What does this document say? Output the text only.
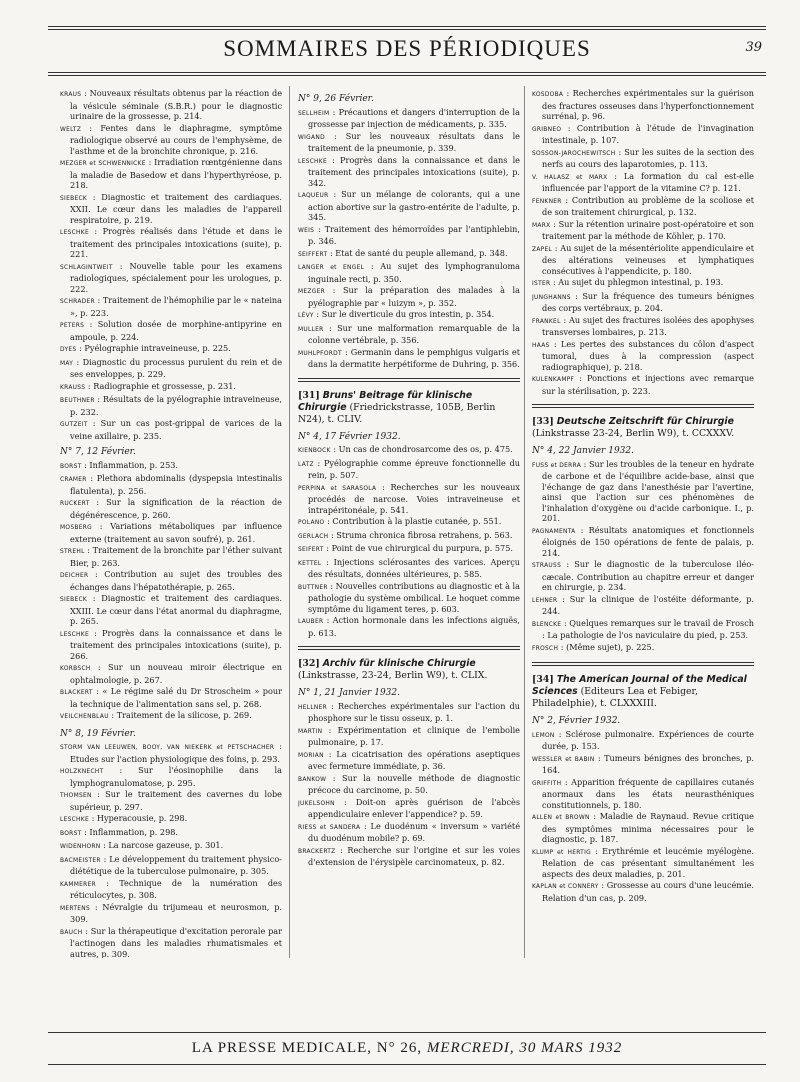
SOMMAIRES DES PÉRIODIQUES	39
KRAUS : Nouveaux résultats obtenus par la réaction de la vésicule séminale (S.B.R.) pour le diagnostic urinaire de la grossesse, p. 214.
WELTZ : Fentes dans le diaphragme, symptôme radiologique observé au cours de l'emphysème, de l'asthme et de la bronchite chronique, p. 216.
MEZGER et SCHWENNICKE : Irradiation rœntgénienne dans la maladie de Basedow et dans l'hyperthyréose, p. 218.
SIEBECK : Diagnostic et traitement des cardiaques. XXII. Le cœur dans les maladies de l'appareil respiratoire, p. 219.
LESCHKE : Progrès réalisés dans l'étude et dans le traitement des principales intoxications (suite), p. 221.
SCHLAGINTWEIT : Nouvelle table pour les examens radiologiques, spécialement pour les urologues, p. 222.
SCHRADER : Traitement de l'hémophilie par le « nateina », p. 223.
PETERS : Solution dosée de morphine-antipyrine en ampoule, p. 224.
DYES : Pyélographie intraveineuse, p. 225.
MAY : Diagnostic du processus purulent du rein et de ses enveloppes, p. 229.
KRAUSS : Radiographie et grossesse, p. 231.
BEUTHNER : Résultats de la pyélographie intraveineuse, p. 232.
GUTZEIT : Sur un cas post-grippal de varices de la veine axillaire, p. 235.
N° 7, 12 Février.
BORST : Inflammation, p. 253.
CRAMER : Plethora abdominalis (dyspepsia intestinalis flatulenta), p. 256.
RUCKERT : Sur la signification de la réaction de dégénérescence, p. 260.
MOSBERG : Variations métaboliques par influence externe (traitement au savon soufré), p. 261.
STREHL : Traitement de la bronchite par l'éther suivant Bier, p. 263.
DEICHER : Contribution au sujet des troubles des échanges dans l'hépatothérapie, p. 265.
SIEBECK : Diagnostic et traitement des cardiaques. XXIII. Le cœur dans l'état anormal du diaphragme, p. 265.
LESCHKE : Progrès dans la connaissance et dans le traitement des principales intoxications (suite), p. 266.
KORBSCH : Sur un nouveau miroir électrique en ophtalmologie, p. 267.
BLACKERT : « Le régime salé du Dr Stroscheim » pour la technique de l'alimentation sans sel, p. 268.
VEILCHENBLAU : Traitement de la silicose, p. 269.
N° 8, 19 Février.
STORM VAN LEEUWEN, BOOY, VAN NIEKERK et PETSCHACHER : Etudes sur l'action physiologique des foins, p. 293.
HOLZKNECHT : Sur l'éosinophilie dans la lymphogranulomatose, p. 295.
THOMSEN : Sur le traitement des cavernes du lobe supérieur, p. 297.
LESCHKE : Hyperacousie, p. 298.
BORST : Inflammation, p. 298.
WIDENHORN : La narcose gazeuse, p. 301.
BACMEISTER : Le développement du traitement physico-diététique de la tuberculose pulmonaire, p. 305.
KAMMERER : Technique de la numération des réticulocytes, p. 308.
MERTENS : Névralgie du trijumeau et neurosmon, p. 309.
BAUCH : Sur la thérapeutique d'excitation perorale par l'actinogen dans les maladies rhumatismales et autres, p. 309.
N° 9, 26 Février.
SELLHEIM : Précautions et dangers d'interruption de la grossesse par injection de médicaments, p. 335.
WIGAND : Sur les nouveaux résultats dans le traitement de la pneumonie, p. 339.
LESCHKE : Progrès dans la connaissance et dans le traitement des principales intoxications (suite), p. 342.
LAQUEUR : Sur un mélange de colorants, qui a une action abortive sur la gastro-entérite de l'adulte, p. 345.
WEIS : Traitement des hémorroïdes par l'antiphlebin, p. 346.
SEIFFERT : Etat de santé du peuple allemand, p. 348.
LANGER et ENGEL : Au sujet des lymphogranuloma inguinale recti, p. 350.
MEZGER : Sur la préparation des malades à la pyélographie par « luizym », p. 352.
LÉVY : Sur le diverticule du gros intestin, p. 354.
MULLER : Sur une malformation remarquable de la colonne vertébrale, p. 356.
MUHLPFORDT : Germanin dans le pemphigus vulgaris et dans la dermatite herpétiforme de Duhring, p. 356.
[31] Bruns' Beitrage für klinische Chirurgie (Friedrickstrasse, 105B, Berlin N24), t. CLIV.
N° 4, 17 Février 1932.
KIENBOCK : Un cas de chondrosarcome des os, p. 475.
LATZ : Pyélographie comme épreuve fonctionnelle du rein, p. 507.
PERPINA et SARASOLA : Recherches sur les nouveaux procédés de narcose. Voies intraveineuse et intrapéritonéale, p. 541.
POLANO : Contribution à la plastie cutanée, p. 551.
GERLACH : Struma chronica fibrosa retrahens, p. 563.
SEIFERT : Point de vue chirurgical du purpura, p. 575.
KETTEL : Injections sclérosantes des varices. Aperçu des résultats, données ultérieures, p. 585.
BUTTNER : Nouvelles contributions au diagnostic et à la pathologie du système ombilical. Le hoquet comme symptôme du ligament teres, p. 603.
LAUBER : Action hormonale dans les infections aiguës, p. 613.
[32] Archiv für klinische Chirurgie (Linkstrasse, 23-24, Berlin W9), t. CLIX.
N° 1, 21 Janvier 1932.
HELLNER : Recherches expérimentales sur l'action du phosphore sur le tissu osseux, p. 1.
MARTIN : Expérimentation et clinique de l'embolie pulmonaire, p. 17.
MORIAN : La cicatrisation des opérations aseptiques avec fermeture immédiate, p. 36.
BANKOW : Sur la nouvelle méthode de diagnostic précoce du carcinome, p. 50.
JUKELSOHN : Doit-on après guérison de l'abcès appendiculaire enlever l'appendice? p. 59.
RIESS et SANDERA : Le duodénum « inversum » variété du duodénum mobile? p. 69.
BRACKERTZ : Recherche sur l'origine et sur les voies d'extension de l'érysipèle carcinomateux, p. 82.
KOSDOBA : Recherches expérimentales sur la guérison des fractures osseuses dans l'hyperfonctionnement surrénal, p. 96.
GRIBNEO : Contribution à l'étude de l'invagination intestinale, p. 107.
SOSSON-JAROCHEWITSCH : Sur les suites de la section des nerfs au cours des laparotomies, p. 113.
V. HALASZ et MARX : La formation du cal est-elle influencée par l'apport de la vitamine C? p. 121.
FENKNER : Contribution au problème de la scoliose et de son traitement chirurgical, p. 132.
MARX : Sur la rétention urinaire post-opératoire et son traitement par la méthode de Köhler, p. 170.
ZAPEL : Au sujet de la mésentériolite appendiculaire et des altérations veineuses et lymphatiques consécutives à l'appendicite, p. 180.
ISTER : Au sujet du phlegmon intestinal, p. 193.
JUNGHANNS : Sur la fréquence des tumeurs bénignes des corps vertébraux, p. 204.
FRANKEL : Au sujet des fractures isolées des apophyses transverses lombaires, p. 213.
HAAS : Les pertes des substances du côlon d'aspect tumoral, dues à la compression (aspect radiographique), p. 218.
KULENKAMPF : Ponctions et injections avec remarque sur la stérilisation, p. 223.
[33] Deutsche Zeitschrift für Chirurgie (Linkstrasse 23-24, Berlin W9), t. CCXXXV.
N° 4, 22 Janvier 1932.
FUSS et DERRA : Sur les troubles de la teneur en hydrate de carbone et de l'équilibre acide-base, ainsi que l'échange de gaz dans l'anesthésie par l'avertine, ainsi que l'action sur ces phénomènes de l'inhalation d'oxygène ou d'acide carbonique. I., p. 201.
PAGNAMENTA : Résultats anatomiques et fonctionnels éloignés de 150 opérations de fente de palais, p. 214.
STRAUSS : Sur le diagnostic de la tuberculose iléo-cæcale. Contribution au chapitre erreur et danger en chirurgie, p. 234.
LEHNER : Sur la clinique de l'ostéite déformante, p. 244.
BLENCKE : Quelques remarques sur le travail de Frosch : La pathologie de l'os naviculaire du pied, p. 253.
FROSCH : (Même sujet), p. 225.
[34] The American Journal of the Medical Sciences (Editeurs Lea et Febiger, Philadelphie), t. CLXXXIII.
N° 2, Février 1932.
LEMON : Sclérose pulmonaire. Expériences de courte durée, p. 153.
WESSLER et BABIN : Tumeurs bénignes des bronches, p. 164.
GRIFFITH : Apparition fréquente de capillaires cutanés anormaux dans les états neurasthéniques constitutionnels, p. 180.
ALLEN et BROWN : Maladie de Raynaud. Revue critique des symptômes minima nécessaires pour le diagnostic, p. 187.
KLUMP et HERTIG : Erythrémie et leucémie myélogène. Relation de cas présentant simultanément les aspects des deux maladies, p. 201.
KAPLAN et CONNERY : Grossesse au cours d'une leucémie. Relation d'un cas, p. 209.
LA PRESSE MEDICALE, N° 26, MERCREDI, 30 MARS 1932
